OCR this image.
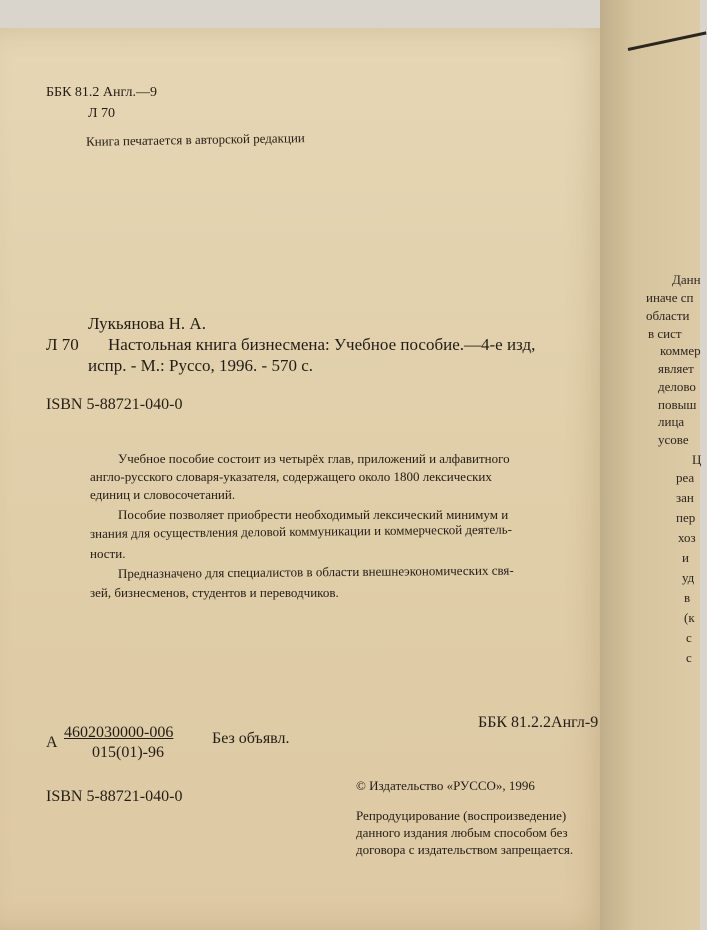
ББК 81.2 Англ.—9
Л 70
Книга печатается в авторской редакции
Лукьянова Н. А.
Л 70 Настольная книга бизнесмена: Учебное пособие.—4-е изд,
испр. - М.: Руссо, 1996. - 570 с.
ISBN 5-88721-040-0
Учебное пособие состоит из четырёх глав, приложений и алфавитного
англо-русского словаря-указателя, содержащего около 1800 лексических
единиц и словосочетаний.
Пособие позволяет приобрести необходимый лексический минимум и
знания для осуществления деловой коммуникации и коммерческой деятель-
ности.
Предназначено для специалистов в области внешнеэкономических свя-
зей, бизнесменов, студентов и переводчиков.
А
4602030000-006
015(01)-96
Без объявл.
ББК 81.2.2Англ-9
ISBN 5-88721-040-0
© Издательство «РУССО», 1996
Репродуцирование (воспроизведение)
данного издания любым способом без
договора с издательством запрещается.
Данн
иначе сп
области
в сист
коммер
являет
делово
повыш
лица
усове
Ц
реа
зан
пер
хоз
и
уд
в
(к
с
с
